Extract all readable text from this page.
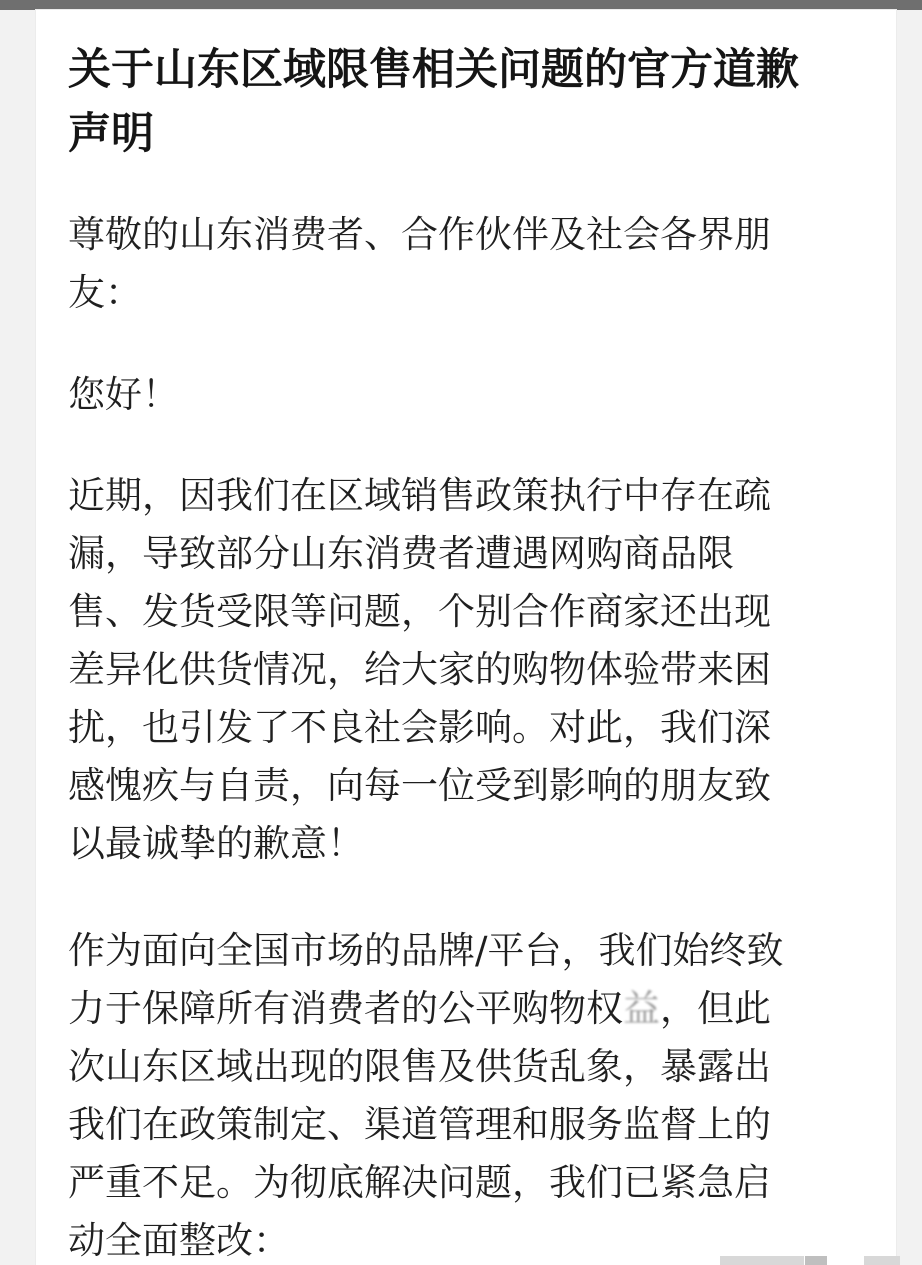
关于山东区域限售相关问题的官方道歉
声明

尊敬的山东消费者、合作伙伴及社会各界朋
友：

您好！

近期，因我们在区域销售政策执行中存在疏
漏，导致部分山东消费者遭遇网购商品限
售、发货受限等问题，个别合作商家还出现
差异化供货情况，给大家的购物体验带来困
扰，也引发了不良社会影响。对此，我们深
感愧疚与自责，向每一位受到影响的朋友致
以最诚挚的歉意！

作为面向全国市场的品牌/平台，我们始终致
力于保障所有消费者的公平购物权益，但此
次山东区域出现的限售及供货乱象，暴露出
我们在政策制定、渠道管理和服务监督上的
严重不足。为彻底解决问题，我们已紧急启
动全面整改：
